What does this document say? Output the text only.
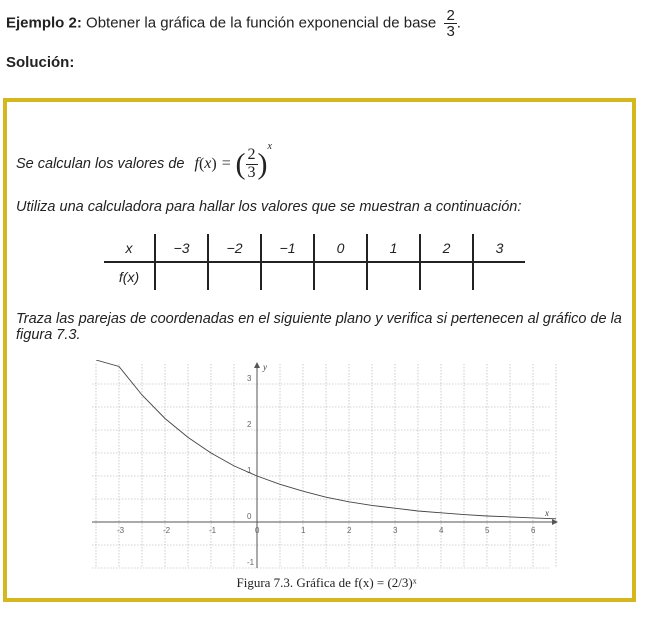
Ejemplo 2: Obtener la gráfica de la función exponencial de base $\frac{2}{3}$ .
Solución:
Se calculan los valores de f(x) = ( $\frac{2}{3} )^x$
Utiliza una calculadora para hallar los valores que se muestran a continuación:
x	−3	−2	−1	0	1	2	3
f(x)							
Traza las parejas de coordenadas en el siguiente plano y verifica si pertenecen al gráfico de la figura 7.3.
x
y
-3	-2	-1	0	1	2	3	4	5	6
-1
0
1
2
3
Figura 7.3. Gráfica de f(x) = (2/3)ˣ
